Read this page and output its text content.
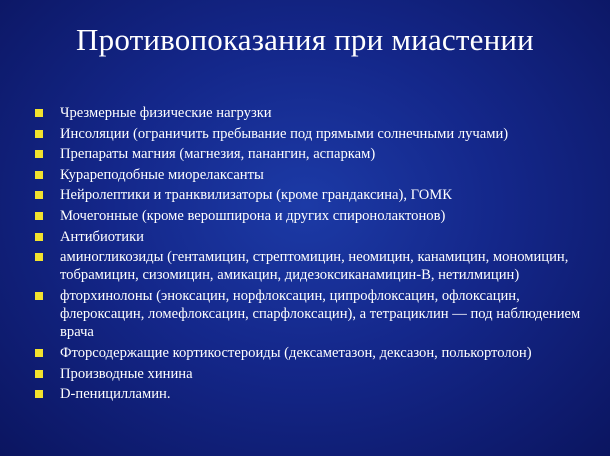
Противопоказания при миастении
Чрезмерные физические нагрузки
Инсоляции (ограничить пребывание под прямыми солнечными лучами)
Препараты магния (магнезия, панангин, аспаркам)
Курареподобные миорелаксанты
Нейролептики и транквилизаторы (кроме грандаксина), ГОМК
Мочегонные (кроме верошпирона и других спиронолактонов)
Антибиотики
аминогликозиды (гентамицин, стрептомицин, неомицин, канамицин, мономицин, тобрамицин, сизомицин, амикацин, дидезоксиканамицин-В, нетилмицин)
фторхинолоны (эноксацин, норфлоксацин, ципрофлоксацин, офлоксацин, флероксацин, ломефлоксацин, спарфлоксацин), а тетрациклин — под наблюдением врача
Фторсодержащие кортикостероиды (дексаметазон, дексазон, полькортолон)
Производные хинина
D-пеницилламин.
